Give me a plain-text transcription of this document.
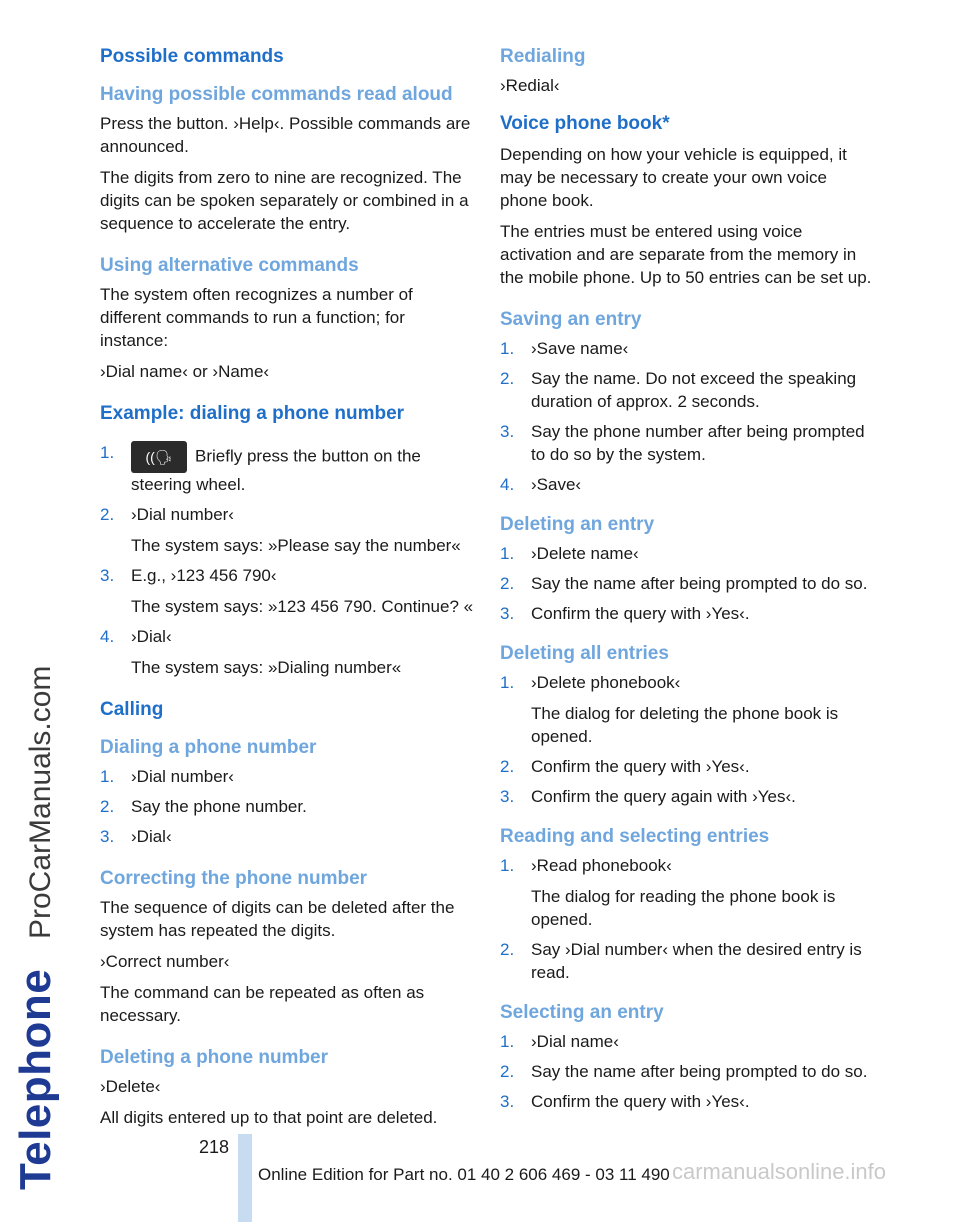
Telephone
ProCarManuals.com
Possible commands
Having possible commands read aloud

Press the button. ›Help‹. Possible commands are announced.

The digits from zero to nine are recognized. The digits can be spoken separately or combined in a sequence to accelerate the entry.

Using alternative commands

The system often recognizes a number of different commands to run a function; for instance:

›Dial name‹ or ›Name‹

Example: dialing a phone number
1.	((🗣 Briefly press the button on the steering wheel.
2. ›Dial number‹
The system says: »Please say the number«
3. E.g., ›123 456 790‹
The system says: »123 456 790. Continue? «
4. ›Dial‹
The system says: »Dialing number«
Calling
Dialing a phone number
1. ›Dial number‹
2. Say the phone number.
3. ›Dial‹
Correcting the phone number

The sequence of digits can be deleted after the system has repeated the digits.

›Correct number‹

The command can be repeated as often as necessary.

Deleting a phone number

›Delete‹

All digits entered up to that point are deleted.

Redialing

›Redial‹

Voice phone book*

Depending on how your vehicle is equipped, it may be necessary to create your own voice phone book.

The entries must be entered using voice activation and are separate from the memory in the mobile phone. Up to 50 entries can be set up.

Saving an entry
1. ›Save name‹
2. Say the name. Do not exceed the speaking duration of approx. 2 seconds.
3. Say the phone number after being prompted to do so by the system.
4. ›Save‹
Deleting an entry
1. ›Delete name‹
2. Say the name after being prompted to do so.
3. Confirm the query with ›Yes‹.
Deleting all entries
1. ›Delete phonebook‹
The dialog for deleting the phone book is opened.
2. Confirm the query with ›Yes‹.
3. Confirm the query again with ›Yes‹.
Reading and selecting entries
1. ›Read phonebook‹
The dialog for reading the phone book is opened.
2. Say ›Dial number‹ when the desired entry is read.
Selecting an entry
1. ›Dial name‹
2. Say the name after being prompted to do so.
3. Confirm the query with ›Yes‹.
218
Online Edition for Part no. 01 40 2 606 469 - 03 11 490 carmanualsonline.info
